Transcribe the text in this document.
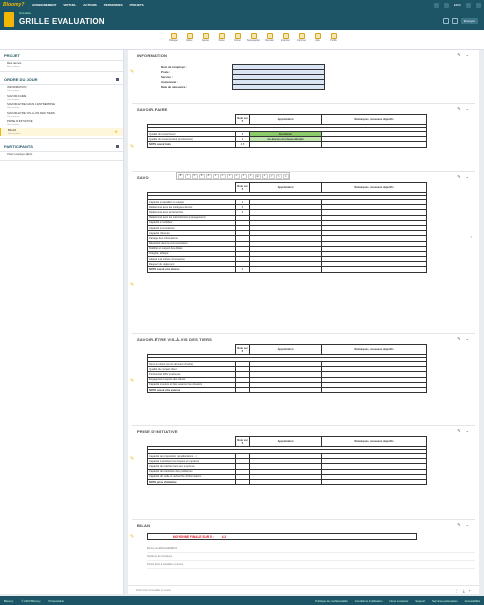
Bloomy?	ENSEIGNEMENT VIRTUEL ACTIONS PERSONNES PROJETS	ERIC
Formulaire
GRILLE EVALUATION	Envoyer
Partager	Editer	Ajouter	Tester	Cloner	Sauvegarder Revision	Exporter	Imprimer	Aide	Profils
PROJET
Mes demos
Mon contenu
ORDRE DU JOUR
INFORMATION
Voir contenu
SAVOIR-FAIRE
Voir contenu
SAVOIR-ETRE DANS L'ENTREPRISE
Voir contenu
SAVOIR-ETRE VIS-A-VIS DES TIERS
Voir contenu
PRISE D'INITIATIVE
Voir contenu
BILAN
Voir contenu	★
PARTICIPANTS
Chez employe (Eric)
INFORMATION	✎ ⌄
✎
Nom de l'employé :	
Poste :	
Service :	
Ancienneté :	
Date de naissance :	
SAVOIR-FAIRE	✎ ⌄
✎
	Note sur 5	Appréciation	Remarques, nouveaux objectifs

Qualité du travail fourni	5	Excellente	
Qualité du travail produit (productivité)	4	Au-dessus du niveau attendu	
NOTE savoir-faire	4.5		
SAVO	B	I	U	S	A	≡	≡	≡	≡	≡	≡	⊞	≡	↶	↷	✕	✎ ⌄
‹
✎
	Note sur 5	Appréciation	Remarques, nouveaux objectifs

Capacité à travailler en équipe	4		
Relationnel avec les collègues directs	5		
Relationnel avec la hiérarchie	3		
Relationnel avec les subordonnés (management)			
Capacité à mobiliser			
Capacité à convaincre			
Capacité d'écoute			
Partage des informations			
Réactivité dans la communication			
Fiabilité et respect des délais			
Intégrité, éthique			
Adapté à la culture d'entreprise			
Respect du règlement			
NOTE savoir-être interne	4		
SAVOIR-ÊTRE VIS-À-VIS DES TIERS	✎ ⌄
✎
	Note sur 5	Appréciation	Remarques, nouveaux objectifs

Sens du client (ou du donneur d'ordre)			
Qualité du contact client			
Pertinentité RDV extérieurs			
Engagement auprès des clients			
Capacité à suivre et faire avancer les dossiers			
NOTE savoir-être externe			
PRISE D'INITIATIVE	✎ ⌄
✎
	Note sur 5	Appréciation	Remarques, nouveaux objectifs

Capacité de proposition (améliorations ...)			
Capacité à anticiper les risques et imprévus			
Capacité de réaction face aux imprévus			
Capacité de résolution des problèmes			
Capacité de veille et recherche d'informations			
NOTE prise d'initiative			
BILAN	✎ ⌄
✎	MOYENNE FINALE SUR 5 :	4.2
Bonus ou ENGAGEMENT
Système de l'employe
Points forts à travailler et suivre
Point forts à travailler et suivre	⋮ ⤓ +
Bloomy	© 2023 Bloomy	Présentation	Politique de confidentialité	Conditions d'utilisation	Nous contacter	Support	Services partenaires	Accessibilité
